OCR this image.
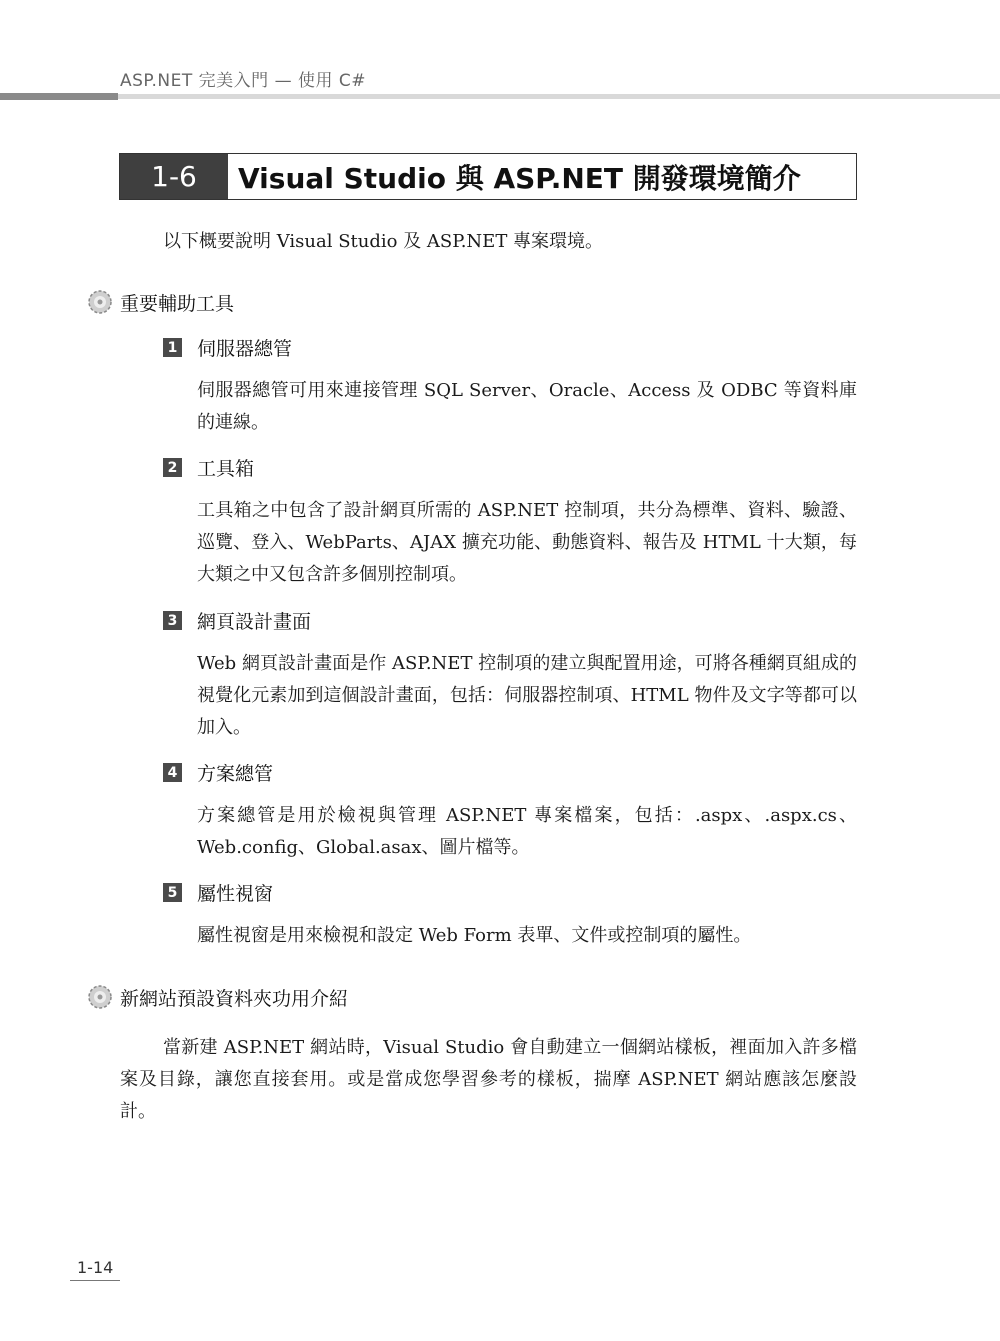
ASP.NET 完美入門 — 使用 C#
1-6	Visual Studio 與 ASP.NET 開發環境簡介
以下概要說明 Visual Studio 及 ASP.NET 專案環境。
重要輔助工具
1 伺服器總管
伺服器總管可用來連接管理 SQL Server、Oracle、Access 及 ODBC 等資料庫的連線。
2 工具箱
工具箱之中包含了設計網頁所需的 ASP.NET 控制項，共分為標準、資料、驗證、巡覽、登入、WebParts、AJAX 擴充功能、動態資料、報告及 HTML 十大類，每大類之中又包含許多個別控制項。
3 網頁設計畫面
Web 網頁設計畫面是作 ASP.NET 控制項的建立與配置用途，可將各種網頁組成的視覺化元素加到這個設計畫面，包括：伺服器控制項、HTML 物件及文字等都可以加入。
4 方案總管
方案總管是用於檢視與管理 ASP.NET 專案檔案，包括：.aspx、.aspx.cs、Web.config、Global.asax、圖片檔等。
5 屬性視窗
屬性視窗是用來檢視和設定 Web Form 表單、文件或控制項的屬性。
新網站預設資料夾功用介紹
當新建 ASP.NET 網站時，Visual Studio 會自動建立一個網站樣板，裡面加入許多檔案及目錄，讓您直接套用。或是當成您學習參考的樣板，揣摩 ASP.NET 網站應該怎麼設計。
1-14
